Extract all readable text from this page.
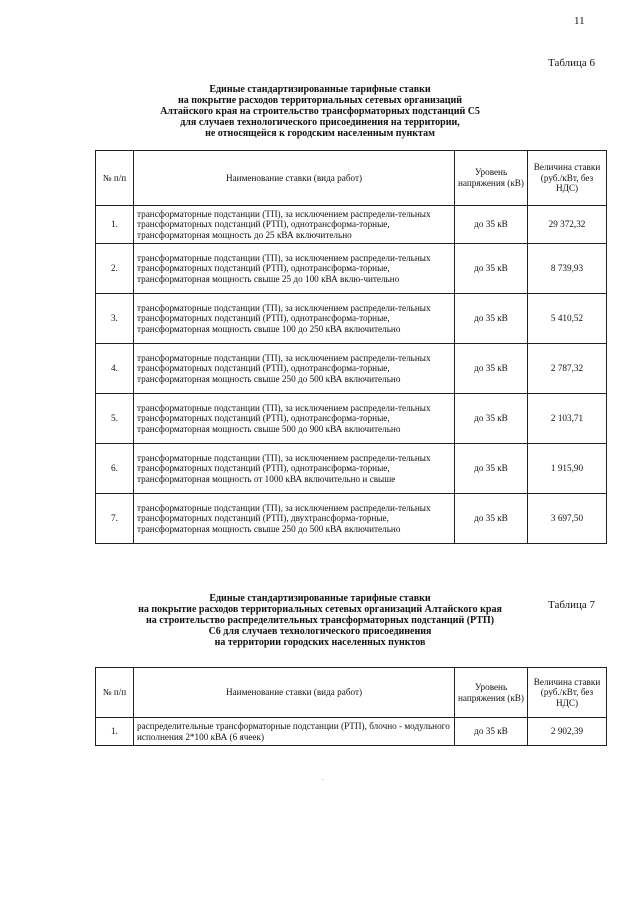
11
Таблица 6
Единые стандартизированные тарифные ставки
на покрытие расходов территориальных сетевых организаций
Алтайского края на строительство трансформаторных подстанций С5
для случаев технологического присоединения на территории,
не относящейся к городским населенным пунктам
№ п/п	Наименование ставки (вида работ)	Уровень напряжения (кВ)	Величина ставки (руб./кВт, без НДС)
1.	трансформаторные подстанции (ТП), за исключением распредели-тельных трансформаторных подстанций (РТП), однотрансформа-торные, трансформаторная мощность до 25 кВА включительно	до 35 кВ	29 372,32
2.	трансформаторные подстанции (ТП), за исключением распредели-тельных трансформаторных подстанций (РТП), однотрансформа-торные, трансформаторная мощность свыше 25 до 100 кВА вклю-чительно	до 35 кВ	8 739,93
3.	трансформаторные подстанции (ТП), за исключением распредели-тельных трансформаторных подстанций (РТП), однотрансформа-торные, трансформаторная мощность свыше 100 до 250 кВА включительно	до 35 кВ	5 410,52
4.	трансформаторные подстанции (ТП), за исключением распредели-тельных трансформаторных подстанций (РТП), однотрансформа-торные, трансформаторная мощность свыше 250 до 500 кВА включительно	до 35 кВ	2 787,32
5.	трансформаторные подстанции (ТП), за исключением распредели-тельных трансформаторных подстанций (РТП), однотрансформа-торные, трансформаторная мощность свыше 500 до 900 кВА включительно	до 35 кВ	2 103,71
6.	трансформаторные подстанции (ТП), за исключением распредели-тельных трансформаторных подстанций (РТП), однотрансформа-торные, трансформаторная мощность от 1000 кВА включительно и свыше	до 35 кВ	1 915,90
7.	трансформаторные подстанции (ТП), за исключением распредели-тельных трансформаторных подстанций (РТП), двухтрансформа-торные, трансформаторная мощность свыше 250 до 500 кВА включительно	до 35 кВ	3 697,50
Таблица 7
Единые стандартизированные тарифные ставки
на покрытие расходов территориальных сетевых организаций Алтайского края
на строительство распределительных трансформаторных подстанций (РТП)
С6 для случаев технологического присоединения
на территории городских населенных пунктов
№ п/п	Наименование ставки (вида работ)	Уровень напряжения (кВ)	Величина ставки (руб./кВт, без НДС)
1.	распределительные трансформаторные подстанции (РТП), блочно - модульного исполнения 2*100 кВА (6 ячеек)	до 35 кВ	2 902,39
